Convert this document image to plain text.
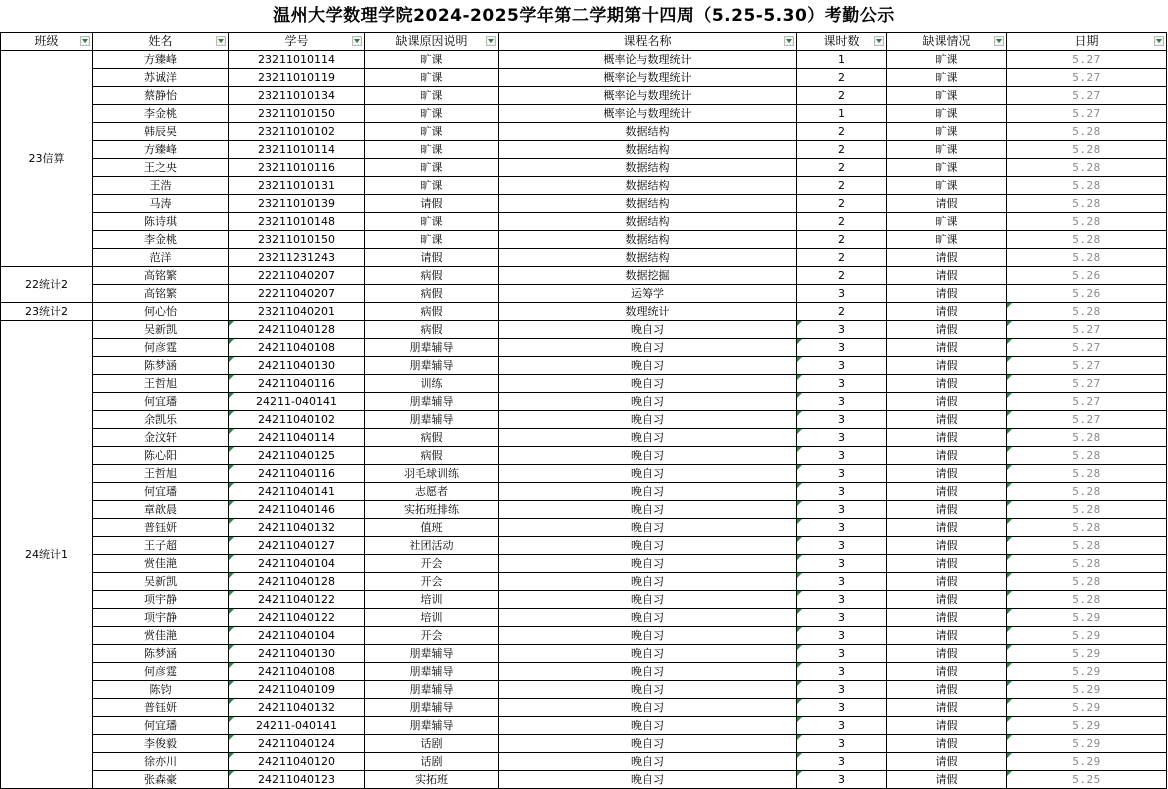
温州大学数理学院2024-2025学年第二学期第十四周（5.25-5.30）考勤公示
班级	姓名	学号	缺课原因说明	课程名称	课时数	缺课情况	日期

23信算	方臻峰	23211010114	旷课	概率论与数理统计	1	旷课	5.27
	苏诚洋	23211010119	旷课	概率论与数理统计	2	旷课	5.27
	蔡静怡	23211010134	旷课	概率论与数理统计	2	旷课	5.27
	李金桃	23211010150	旷课	概率论与数理统计	1	旷课	5.27
	韩辰昊	23211010102	旷课	数据结构	2	旷课	5.28
	方臻峰	23211010114	旷课	数据结构	2	旷课	5.28
	王之央	23211010116	旷课	数据结构	2	旷课	5.28
	王浩	23211010131	旷课	数据结构	2	旷课	5.28
	马涛	23211010139	请假	数据结构	2	请假	5.28
	陈诗琪	23211010148	旷课	数据结构	2	旷课	5.28
	李金桃	23211010150	旷课	数据结构	2	旷课	5.28
	范洋	23211231243	请假	数据结构	2	请假	5.28
22统计2	高铭繁	22211040207	病假	数据挖掘	2	请假	5.26
	高铭繁	22211040207	病假	运筹学	3	请假	5.26
23统计2	何心怡	23211040201	病假	数理统计	2	请假	5.28
24统计1	吴新凯	24211040128	病假	晚自习	3	请假	5.27
	何彦霆	24211040108	朋辈辅导	晚自习	3	请假	5.27
	陈梦涵	24211040130	朋辈辅导	晚自习	3	请假	5.27
	王哲旭	24211040116	训练	晚自习	3	请假	5.27
	何宜璠	24211-040141	朋辈辅导	晚自习	3	请假	5.27
	余凯乐	24211040102	朋辈辅导	晚自习	3	请假	5.27
	金汶轩	24211040114	病假	晚自习	3	请假	5.28
	陈心阳	24211040125	病假	晚自习	3	请假	5.28
	王哲旭	24211040116	羽毛球训练	晚自习	3	请假	5.28
	何宜璠	24211040141	志愿者	晚自习	3	请假	5.28
	章歆晨	24211040146	实拓班排练	晚自习	3	请假	5.28
	普钰妍	24211040132	值班	晚自习	3	请假	5.28
	王子超	24211040127	社团活动	晚自习	3	请假	5.28
	赏佳滟	24211040104	开会	晚自习	3	请假	5.28
	吴新凯	24211040128	开会	晚自习	3	请假	5.28
	项宇静	24211040122	培训	晚自习	3	请假	5.28
	项宇静	24211040122	培训	晚自习	3	请假	5.29
	赏佳滟	24211040104	开会	晚自习	3	请假	5.29
	陈梦涵	24211040130	朋辈辅导	晚自习	3	请假	5.29
	何彦霆	24211040108	朋辈辅导	晚自习	3	请假	5.29
	陈钧	24211040109	朋辈辅导	晚自习	3	请假	5.29
	普钰妍	24211040132	朋辈辅导	晚自习	3	请假	5.29
	何宜璠	24211-040141	朋辈辅导	晚自习	3	请假	5.29
	李俊毅	24211040124	话剧	晚自习	3	请假	5.29
	徐亦川	24211040120	话剧	晚自习	3	请假	5.29
	张森豪	24211040123	实拓班	晚自习	3	请假	5.25
